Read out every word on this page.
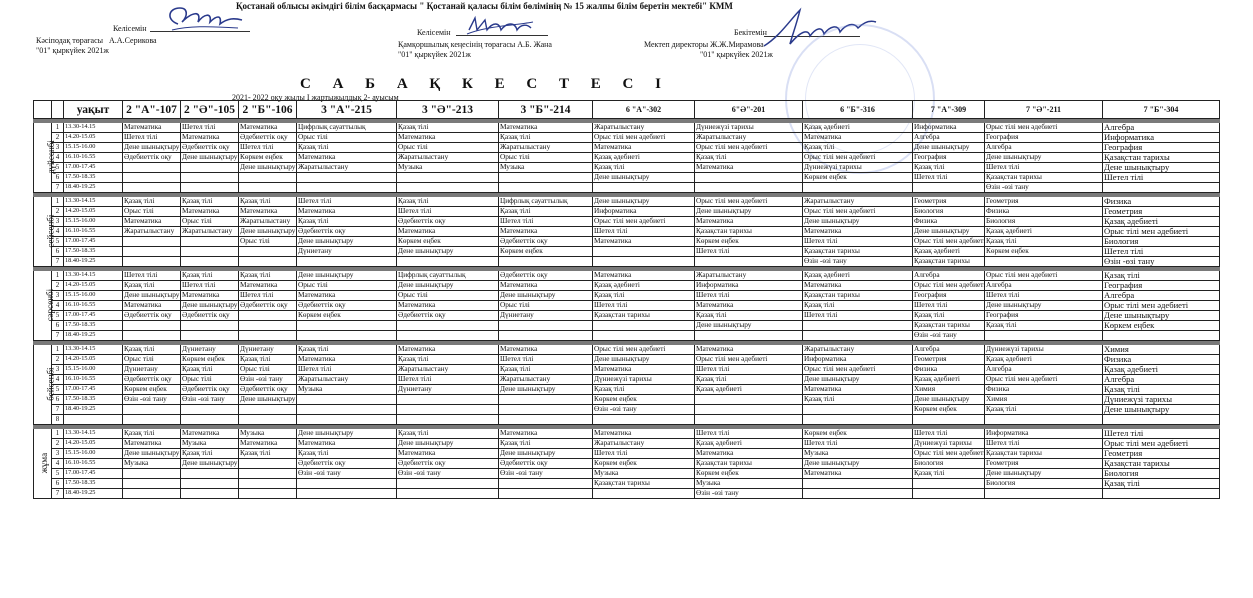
Қостанай облысы әкімдігі білім басқармасы " Қостанай қаласы білім бөлімінің № 15 жалпы білім беретін мектебі" КММ
Келісемін
Кәсіподақ төрағасы А.А.Серикова
"01" қыркүйек 2021ж
Келісемін
Қамқоршылық кеңесінің төрағасы А.Б. Жана
"01" қыркүйек 2021ж
Бекітемін
Мектеп директоры Ж.Ж.Мирамова
"01" қыркүйек 2021ж
С А Б А Қ К Е С Т Е С І
2021- 2022 оқу жылы І жартыжылдық 2- ауысым
		уақыт	2 "А"-107	2 "Ә"-105	2 "Б"-106	3 "А"-215	3 "Ә"-213	3 "Б"-214	6 "А"-302	6"Ә"-201	6 "Б"-316	7 "А"-309	7 "Ә"-211	7 "Б"-304

дүйсенбі	1	13.30-14.15	Математика	Шетел тілі	Математика	Цифрлық сауаттылық	Қазақ тілі	Математика	Жаратылыстану	Дүниежүзі тарихы	Қазақ әдебиеті	Информатика	Орыс тілі мен әдебиеті	Алгебра
	2	14.20-15.05	Шетел тілі	Математика	Әдебиеттік оқу	Орыс тілі	Математика	Қазақ тілі	Орыс тілі мен әдебиеті	Жаратылыстану	Математика	Алгебра	География	Информатика
	3	15.15-16.00	Дене шынықтыру	Әдебиеттік оқу	Шетел тілі	Қазақ тілі	Орыс тілі	Жаратылыстану	Математика	Орыс тілі мен әдебиеті	Қазақ тілі	Дене шынықтыру	Алгебра	География
	4	16.10-16.55	Әдебиеттік оқу	Дене шынықтыру	Көркем еңбек	Математика	Жаратылыстану	Орыс тілі	Қазақ әдебиеті	Қазақ тілі	Орыс тілі мен әдебиеті	География	Дене шынықтыру	Қазақстан тарихы
	5	17.00-17.45			Дене шынықтыру	Жаратылыстану	Музыка	Музыка	Қазақ тілі	Математика	Дүниежүзі тарихы	Қазақ тілі	Шетел тілі	Дене шынықтыру
	6	17.50-18.35							Дене шынықтыру		Көркем еңбек	Шетел тілі	Қазақстан тарихы	Шетел тілі
	7	18.40-19.25											Өзін -өзі тану	

сейсенбі	1	13.30-14.15	Қазақ тілі	Қазақ тілі	Қазақ тілі	Шетел тілі	Қазақ тілі	Цифрлық сауаттылық	Дене шынықтыру	Орыс тілі мен әдебиеті	Жаратылыстану	Геометрия	Геометрия	Физика
	2	14.20-15.05	Орыс тілі	Математика	Математика	Математика	Шетел тілі	Қазақ тілі	Информатика	Дене шынықтыру	Орыс тілі мен әдебиеті	Биология	Физика	Геометрия
	3	15.15-16.00	Математика	Орыс тілі	Жаратылыстану	Қазақ тілі	Әдебиеттік оқу	Шетел тілі	Орыс тілі мен әдебиеті	Математика	Дене шынықтыру	Физика	Биология	Қазақ әдебиеті
	4	16.10-16.55	Жаратылыстану	Жаратылыстану	Дене шынықтыру	Әдебиеттік оқу	Математика	Математика	Шетел тілі	Қазақстан тарихы	Математика	Дене шынықтыру	Қазақ әдебиеті	Орыс тілі мен әдебиеті
	5	17.00-17.45			Орыс тілі	Дене шынықтыру	Көркем еңбек	Әдебиеттік оқу	Математика	Көркем еңбек	Шетел тілі	Орыс тілі мен әдебиеті	Қазақ тілі	Биология
	6	17.50-18.35				Дүниетану	Дене шынықтыру	Көркем еңбек		Шетел тілі	Қазақстан тарихы	Қазақ әдебиеті	Көркем еңбек	Шетел тілі
	7	18.40-19.25									Өзін -өзі тану	Қазақстан тарихы		Өзін -өзі тану

сәрсенбі	1	13.30-14.15	Шетел тілі	Қазақ тілі	Қазақ тілі	Дене шынықтыру	Цифрлық сауаттылық	Әдебиеттік оқу	Математика	Жаратылыстану	Қазақ әдебиеті	Алгебра	Орыс тілі мен әдебиеті	Қазақ тілі
	2	14.20-15.05	Қазақ тілі	Шетел тілі	Математика	Орыс тілі	Дене шынықтыру	Математика	Қазақ әдебиеті	Информатика	Математика	Орыс тілі мен әдебиеті	Алгебра	География
	3	15.15-16.00	Дене шынықтыру	Математика	Шетел тілі	Математика	Орыс тілі	Дене шынықтыру	Қазақ тілі	Шетел тілі	Қазақстан тарихы	География	Шетел тілі	Алгебра
	4	16.10-16.55	Математика	Дене шынықтыру	Әдебиеттік оқу	Әдебиеттік оқу	Математика	Орыс тілі	Шетел тілі	Математика	Қазақ тілі	Шетел тілі	Дене шынықтыру	Орыс тілі мен әдебиеті
	5	17.00-17.45	Әдебиеттік оқу	Әдебиеттік оқу		Көркем еңбек	Әдебиеттік оқу	Дүниетану	Қазақстан тарихы	Қазақ тілі	Шетел тілі	Қазақ тілі	География	Дене шынықтыру
	6	17.50-18.35								Дене шынықтыру		Қазақстан тарихы	Қазақ тілі	Көркем еңбек
	7	18.40-19.25										Өзін -өзі тану		

бейсенбі	1	13.30-14.15	Қазақ тілі	Дүниетану	Дүниетану	Қазақ тілі	Математика	Математика	Орыс тілі мен әдебиеті	Математика	Жаратылыстану	Алгебра	Дүниежүзі тарихы	Химия
	2	14.20-15.05	Орыс тілі	Көркем еңбек	Қазақ тілі	Математика	Қазақ тілі	Шетел тілі	Дене шынықтыру	Орыс тілі мен әдебиеті	Информатика	Геометрия	Қазақ әдебиеті	Физика
	3	15.15-16.00	Дүниетану	Қазақ тілі	Орыс тілі	Шетел тілі	Жаратылыстану	Қазақ тілі	Математика	Шетел тілі	Орыс тілі мен әдебиеті	Физика	Алгебра	Қазақ әдебиеті
	4	16.10-16.55	Әдебиеттік оқу	Орыс тілі	Өзін -өзі тану	Жаратылыстану	Шетел тілі	Жаратылыстану	Дүниежүзі тарихы	Қазақ тілі	Дене шынықтыру	Қазақ әдебиеті	Орыс тілі мен әдебиеті	Алгебра
	5	17.00-17.45	Көркем еңбек	Әдебиеттік оқу	Әдебиеттік оқу	Музыка	Дүниетану	Дене шынықтыру	Қазақ тілі	Қазақ әдебиеті	Математика	Химия	Физика	Қазақ тілі
	6	17.50-18.35	Өзін -өзі тану	Өзін -өзі тану	Дене шынықтыру				Көркем еңбек		Қазақ тілі	Дене шынықтыру	Химия	Дүниежүзі тарихы
	7	18.40-19.25							Өзін -өзі тану			Көркем еңбек	Қазақ тілі	Дене шынықтыру
	8													

жұма	1	13.30-14.15	Қазақ тілі	Математика	Музыка	Дене шынықтыру	Қазақ тілі	Математика	Математика	Шетел тілі	Көркем еңбек	Шетел тілі	Информатика	Шетел тілі
	2	14.20-15.05	Математика	Музыка	Математика	Математика	Дене шынықтыру	Қазақ тілі	Жаратылыстану	Қазақ әдебиеті	Шетел тілі	Дүниежүзі тарихы	Шетел тілі	Орыс тілі мен әдебиеті
	3	15.15-16.00	Дене шынықтыру	Қазақ тілі	Қазақ тілі	Қазақ тілі	Математика	Дене шынықтыру	Шетел тілі	Математика	Музыка	Орыс тілі мен әдебиеті	Қазақстан тарихы	Геометрия
	4	16.10-16.55	Музыка	Дене шынықтыру		Әдебиеттік оқу	Әдебиеттік оқу	Әдебиеттік оқу	Көркем еңбек	Қазақстан тарихы	Дене шынықтыру	Биология	Геометрия	Қазақстан тарихы
	5	17.00-17.45				Өзін -өзі тану	Өзін -өзі тану	Өзін -өзі тану	Музыка	Көркем еңбек	Математика	Қазақ тілі	Дене шынықтыру	Биология
	6	17.50-18.35							Қазақстан тарихы	Музыка			Биология	Қазақ тілі
	7	18.40-19.25								Өзін -өзі тану				
